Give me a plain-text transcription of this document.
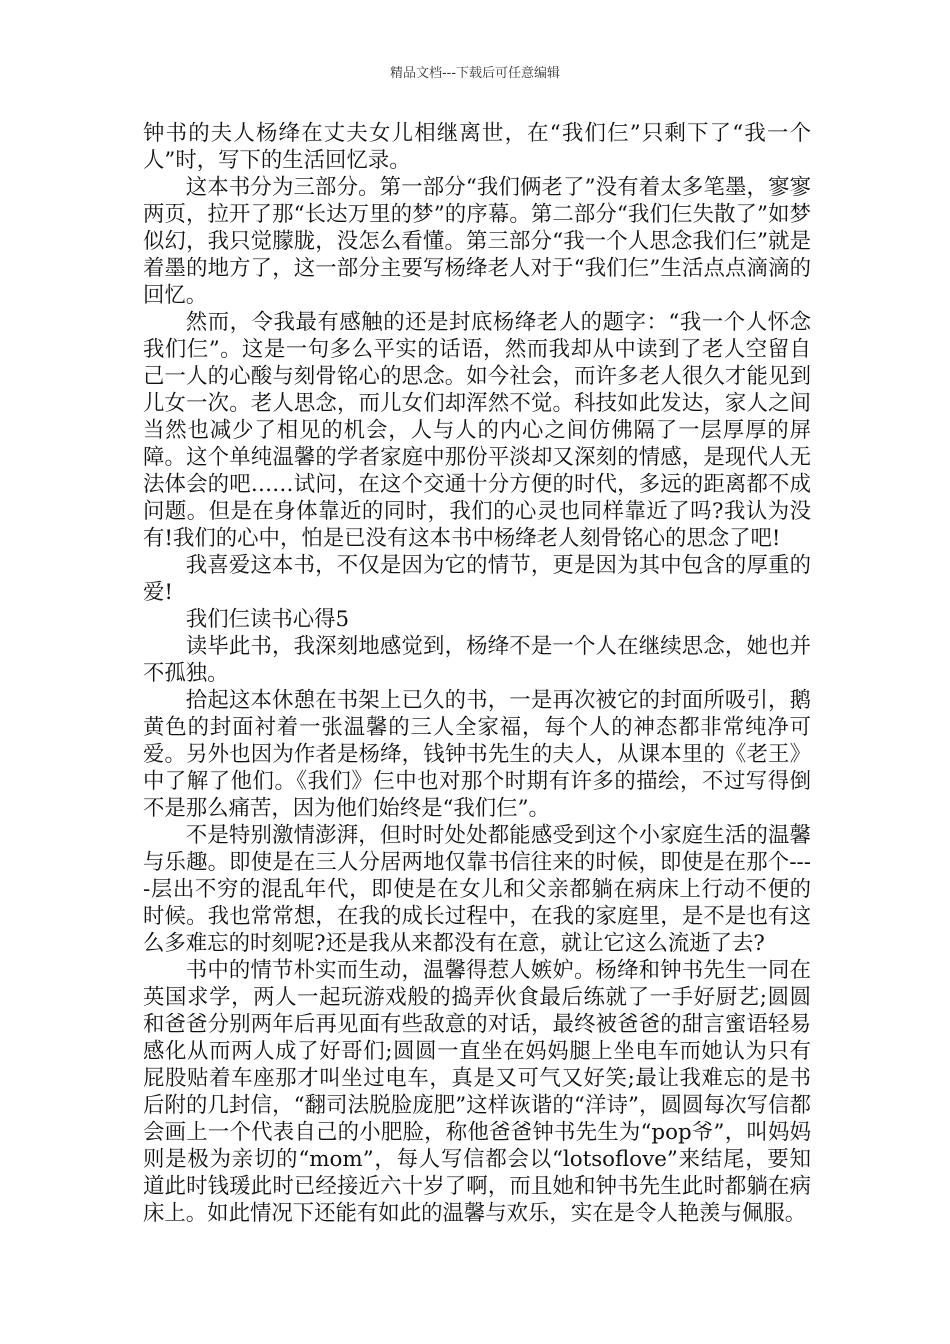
精品文档---下载后可任意编辑

钟书的夫人杨绛在丈夫女儿相继离世，在“我们仨”只剩下了“我一个人”时，写下的生活回忆录。

这本书分为三部分。第一部分“我们俩老了”没有着太多笔墨，寥寥两页，拉开了那“长达万里的梦”的序幕。第二部分“我们仨失散了”如梦似幻，我只觉朦胧，没怎么看懂。第三部分“我一个人思念我们仨”就是着墨的地方了，这一部分主要写杨绛老人对于“我们仨”生活点点滴滴的回忆。

然而，令我最有感触的还是封底杨绛老人的题字：“我一个人怀念我们仨”。这是一句多么平实的话语，然而我却从中读到了老人空留自己一人的心酸与刻骨铭心的思念。如今社会，而许多老人很久才能见到儿女一次。老人思念，而儿女们却浑然不觉。科技如此发达，家人之间当然也减少了相见的机会，人与人的内心之间仿佛隔了一层厚厚的屏障。这个单纯温馨的学者家庭中那份平淡却又深刻的情感，是现代人无法体会的吧……试问，在这个交通十分方便的时代，多远的距离都不成问题。但是在身体靠近的同时，我们的心灵也同样靠近了吗?我认为没有!我们的心中，怕是已没有这本书中杨绛老人刻骨铭心的思念了吧!

我喜爱这本书，不仅是因为它的情节，更是因为其中包含的厚重的爱!

我们仨读书心得5

读毕此书，我深刻地感觉到，杨绛不是一个人在继续思念，她也并不孤独。

拾起这本休憩在书架上已久的书，一是再次被它的封面所吸引，鹅黄色的封面衬着一张温馨的三人全家福，每个人的神态都非常纯净可爱。另外也因为作者是杨绛，钱钟书先生的夫人，从课本里的《老王》中了解了他们。《我们》仨中也对那个时期有许多的描绘，不过写得倒不是那么痛苦，因为他们始终是“我们仨”。

不是特别激情澎湃，但时时处处都能感受到这个小家庭生活的温馨与乐趣。即使是在三人分居两地仅靠书信往来的时候，即使是在那个----层出不穷的混乱年代，即使是在女儿和父亲都躺在病床上行动不便的时候。我也常常想，在我的成长过程中，在我的家庭里，是不是也有这么多难忘的时刻呢?还是我从来都没有在意，就让它这么流逝了去?

书中的情节朴实而生动，温馨得惹人嫉妒。杨绛和钟书先生一同在英国求学，两人一起玩游戏般的捣弄伙食最后练就了一手好厨艺;圆圆和爸爸分别两年后再见面有些敌意的对话，最终被爸爸的甜言蜜语轻易感化从而两人成了好哥们;圆圆一直坐在妈妈腿上坐电车而她认为只有屁股贴着车座那才叫坐过电车，真是又可气又好笑;最让我难忘的是书后附的几封信，“翻司法脱脸庞肥”这样诙谐的“洋诗”，圆圆每次写信都会画上一个代表自己的小肥脸，称他爸爸钟书先生为“pop爷”，叫妈妈则是极为亲切的“mom”，每人写信都会以“lotsoflove”来结尾，要知道此时钱瑗此时已经接近六十岁了啊，而且她和钟书先生此时都躺在病床上。如此情况下还能有如此的温馨与欢乐，实在是令人艳羡与佩服。
